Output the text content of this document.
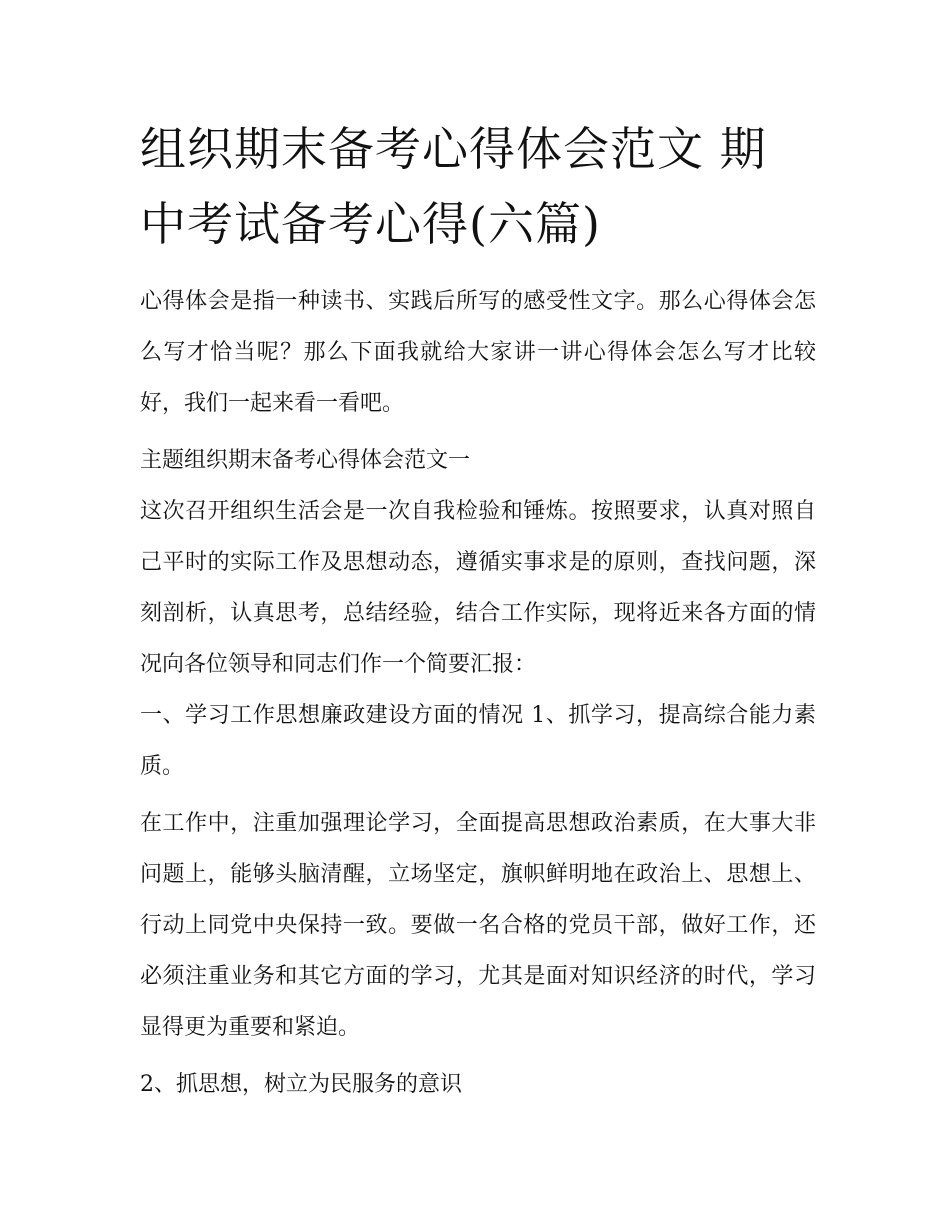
组织期末备考心得体会范文 期
中考试备考心得(六篇)

心得体会是指一种读书、实践后所写的感受性文字。那么心得体会怎么写才恰当呢？那么下面我就给大家讲一讲心得体会怎么写才比较好，我们一起来看一看吧。

主题组织期末备考心得体会范文一

这次召开组织生活会是一次自我检验和锤炼。按照要求，认真对照自己平时的实际工作及思想动态，遵循实事求是的原则，查找问题，深刻剖析，认真思考，总结经验，结合工作实际，现将近来各方面的情况向各位领导和同志们作一个简要汇报：

一、学习工作思想廉政建设方面的情况 1、抓学习，提高综合能力素质。

在工作中，注重加强理论学习，全面提高思想政治素质，在大事大非问题上，能够头脑清醒，立场坚定，旗帜鲜明地在政治上、思想上、行动上同党中央保持一致。要做一名合格的党员干部，做好工作，还必须注重业务和其它方面的学习，尤其是面对知识经济的时代，学习显得更为重要和紧迫。

2、抓思想，树立为民服务的意识
